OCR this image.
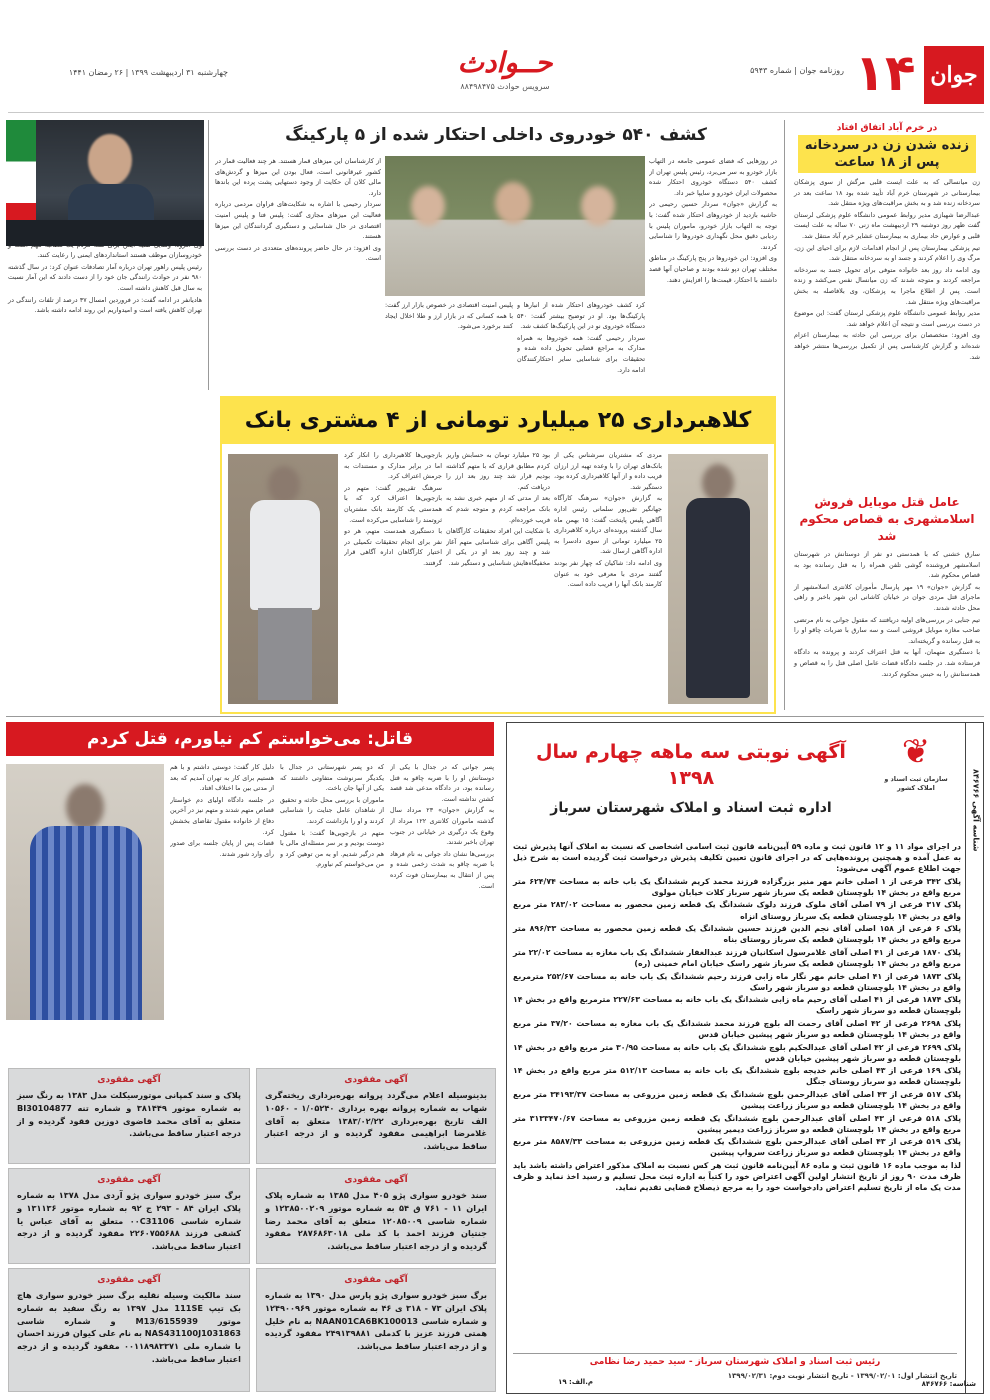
جوان
۱۴
روزنامه جوان | شماره ۵۹۴۳
حــوادث
سرویس حوادث ۸۸۴۹۸۴۷۵
چهارشنبه ۳۱ اردیبهشت ۱۳۹۹ | ۲۶ رمضان ۱۴۴۱
در خرم آباد اتفاق افتاد
زنده شدن زن در سردخانه پس از ۱۸ ساعت

زن میانسالی که به علت ایست قلبی مرگش از سوی پزشکان بیمارستانی در شهرستان خرم آباد تأیید شده بود ۱۸ ساعت بعد در سردخانه زنده شد و به بخش مراقبت‌های ویژه منتقل شد.

عبدالرضا شهبازی مدیر روابط عمومی دانشگاه علوم پزشکی لرستان گفت ظهر روز دوشنبه ۲۹ اردیبهشت ماه زنی ۷۰ ساله به علت ایست قلبی و عوارض حاد بیماری به بیمارستان عشایر خرم آباد منتقل شد.

تیم پزشکی بیمارستان پس از انجام اقدامات لازم برای احیای این زن، مرگ وی را اعلام کردند و جسد او به سردخانه منتقل شد.

وی ادامه داد روز بعد خانواده متوفی برای تحویل جسد به سردخانه مراجعه کردند و متوجه شدند که زن میانسال نفس می‌کشد و زنده است. پس از اطلاع ماجرا به پزشکان، وی بلافاصله به بخش مراقبت‌های ویژه منتقل شد.

مدیر روابط عمومی دانشگاه علوم پزشکی لرستان گفت: این موضوع در دست بررسی است و نتیجه آن اعلام خواهد شد.

وی افزود: متخصصان برای بررسی این حادثه به بیمارستان اعزام شده‌اند و گزارش کارشناسی پس از تکمیل بررسی‌ها منتشر خواهد شد.

عامل قتل موبایل فروش اسلامشهری به قصاص محکوم شد

سارق خشنی که با همدستی دو نفر از دوستانش در شهرستان اسلامشهر فروشنده گوشی تلفن همراه را به قتل رسانده بود به قصاص محکوم شد.

به گزارش «جوان» ۱۹ مهر پارسال مأموران کلانتری اسلامشهر از ماجرای قتل مردی جوان در خیابان کاشانی این شهر باخبر و راهی محل حادثه شدند.

تیم جنایی در بررسی‌های اولیه دریافتند که مقتول جوانی به نام مرتضی صاحب مغازه موبایل فروشی است و سه سارق با ضربات چاقو او را به قتل رسانده و گریخته‌اند.

با دستگیری متهمان، آنها به قتل اعتراف کردند و پرونده به دادگاه فرستاده شد. در جلسه دادگاه قضات عامل اصلی قتل را به قصاص و همدستانش را به حبس محکوم کردند.

کشف ۵۴۰ خودروی داخلی احتکار شده از ۵ پارکینگ

در روزهایی که فضای عمومی جامعه در التهاب بازار خودرو به سر می‌برد، رئیس پلیس تهران از کشف ۵۴۰ دستگاه خودروی احتکار شده محصولات ایران خودرو و سایپا خبر داد.

به گزارش «جوان» سردار حسین رحیمی در حاشیه بازدید از خودروهای احتکار شده گفت: با توجه به التهاب بازار خودرو، ماموران پلیس با ردیابی دقیق محل نگهداری خودروها را شناسایی کردند.

وی افزود: این خودروها در پنج پارکینگ در مناطق مختلف تهران دپو شده بودند و صاحبان آنها قصد داشتند با احتکار، قیمت‌ها را افزایش دهند.

کرد کشف خودروهای احتکار شده از انبارها و پارکینگ‌ها بود. او در توضیح بیشتر گفت: ۵۴۰ دستگاه خودروی نو در این پارکینگ‌ها کشف شد.

سردار رحیمی گفت: همه خودروها به همراه مدارک به مراجع قضایی تحویل داده شده و تحقیقات برای شناسایی سایر احتکارکنندگان ادامه دارد.

پلیس امنیت اقتصادی در خصوص بازار ارز گفت: با همه کسانی که در بازار ارز و طلا اخلال ایجاد کنند برخورد می‌شود.

از کارشناسان این میزهای قمار هستند. هر چند فعالیت قمار در کشور غیرقانونی است، فعال بودن این میزها و گردش‌های مالی کلان آن حکایت از وجود دستهایی پشت پرده این باندها دارد.

سردار رحیمی با اشاره به شکایت‌های فراوان مردمی درباره فعالیت این میزهای مجازی گفت: پلیس فتا و پلیس امنیت اقتصادی در حال شناسایی و دستگیری گردانندگان این میزها هستند.

وی افزود: در حال حاضر پرونده‌های متعددی در دست بررسی است.

خودروسازان موظف هستند استانداردهای ایمنی را رعایت کنند.

رئیس پلیس راهور تهران درباره آمار تصادفات عنوان کرد: در سال گذشته ۹۸۰ نفر در حوادث رانندگی جان خود را از دست دادند که این آمار نسبت به سال قبل کاهش داشته است.

هادیانفر در ادامه گفت: در فروردین امسال ۳۷ درصد از تلفات رانندگی در تهران کاهش یافته است و امیدواریم این روند ادامه داشته باشد.

کلاهبرداری ۲۵ میلیارد تومانی از ۴ مشتری بانک

مردی که مشتریان سرشناس یکی از بانک‌های تهران را با وعده تهیه ارز ارزان فریب داده و از آنها کلاهبرداری کرده بود، دستگیر شد.

به گزارش «جوان» سرهنگ کارآگاه جهانگیر تقی‌پور سلمانی رئیس اداره آگاهی پلیس پایتخت گفت: ۱۵ بهمن ماه سال گذشته پرونده‌ای درباره کلاهبرداری ۲۵ میلیارد تومانی از سوی دادسرا به اداره آگاهی ارسال شد.

وی ادامه داد: شاکیان که چهار نفر بودند گفتند مردی با معرفی خود به عنوان کارمند بانک آنها را فریب داده است.

بود ۲۵ میلیارد تومان به حسابش واریز کردم مطابق قراری که با متهم گذاشته بودیم قرار شد چند روز بعد ارز را دریافت کنم.

بعد از مدتی که از متهم خبری نشد به بانک مراجعه کردم و متوجه شدم که فریب خورده‌ام.

با شکایت این افراد تحقیقات کارآگاهان پلیس آگاهی برای شناسایی متهم آغاز شد و چند روز بعد او در یکی از مخفیگاه‌هایش شناسایی و دستگیر شد.

بازجویی‌ها کلاهبرداری را انکار کرد اما در برابر مدارک و مستندات به جرمش اعتراف کرد.

سرهنگ تقی‌پور گفت: متهم در بازجویی‌ها اعتراف کرد که با همدستی یک کارمند بانک مشتریان ثروتمند را شناسایی می‌کرده است.

با دستگیری همدست متهم، هر دو نفر برای انجام تحقیقات تکمیلی در اختیار کارآگاهان اداره آگاهی قرار گرفتند.

قاتل: می‌خواستم کم نیاورم، قتل کردم

پسر جوانی که در جدال با یکی از دوستانش او را با ضربه چاقو به قتل رسانده بود، در دادگاه مدعی شد قصد کشتن نداشته است.

به گزارش «جوان» ۲۳ مرداد سال گذشته ماموران کلانتری ۱۲۲ مرداد از وقوع یک درگیری در خیابانی در جنوب تهران باخبر شدند.

بررسی‌ها نشان داد جوانی به نام فرهاد با ضربه چاقو به شدت زخمی شده و پس از انتقال به بیمارستان فوت کرده است.

که دو پسر شهرستانی در جدال با یکدیگر سرنوشت متفاوتی داشتند که یکی از آنها جان باخت.

ماموران با بررسی محل حادثه و تحقیق از شاهدان عامل جنایت را شناسایی کردند و او را بازداشت کردند.

متهم در بازجویی‌ها گفت: با مقتول دوست بودیم و بر سر مسئله‌ای مالی با هم درگیر شدیم. او به من توهین کرد و من می‌خواستم کم نیاورم.

دلیل کار گفت: دوستی داشتم و با هم هستیم برای کار به تهران آمدیم که بعد از مدتی بین ما اختلاف افتاد.

در جلسه دادگاه اولیای دم خواستار قصاص متهم شدند و متهم نیز در آخرین دفاع از خانواده مقتول تقاضای بخشش کرد.

قضات پس از پایان جلسه برای صدور رأی وارد شور شدند.

شناسه آگهی ۸۴۶۷۶۶
❦
سازمان ثبت اسناد و املاک کشور
آگهی نوبتی سه ماهه چهارم سال ۱۳۹۸
اداره ثبت اسناد و املاک شهرستان سرباز

در اجرای مواد ۱۱ و ۱۲ قانون ثبت و ماده ۵۹ آیین‌نامه قانون ثبت اسامی اشخاصی که نسبت به املاک آنها پذیرش ثبت به عمل آمده و همچنین پرونده‌هایی که در اجرای قانون تعیین تکلیف پذیرش درخواست ثبت گردیده است به شرح ذیل جهت اطلاع عموم آگهی می‌شود:

پلاک ۳۴۲ فرعی از ۱ اصلی خانم مهر منیر بزرگزاده فرزند محمد کریم ششدانگ یک باب خانه به مساحت ۶۲۴/۷۴ متر مربع واقع در بخش ۱۴ بلوچستان قطعه یک سرباز شهر سرباز کلات خیابان مولوی

پلاک ۳۱۷ فرعی از ۷۹ اصلی آقای ملوک فرزند دلوک ششدانگ یک قطعه زمین محصور به مساحت ۲۸۳/۰۲ متر مربع واقع در بخش ۱۴ بلوچستان قطعه یک سرباز روستای انزاه

پلاک ۶ فرعی از ۱۵۸ اصلی آقای نجم الدین فرزند حسین ششدانگ یک قطعه زمین محصور به مساحت ۸۹۶/۳۳ متر مربع واقع در بخش ۱۴ بلوچستان قطعه یک سرباز روستای بناه

پلاک ۱۸۷۰ فرعی از ۴۱ اصلی آقای غلامرسول اسکانیان فرزند عبدالغفار ششدانگ یک باب مغازه به مساحت ۲۲/۰۲ متر مربع واقع در بخش ۱۴ بلوچستان قطعه یک سرباز شهر راسک خیابان امام خمینی (ره)

پلاک ۱۸۷۳ فرعی از ۴۱ اصلی خانم مهر نگار ماه زابی فرزند رحیم ششدانگ یک باب خانه به مساحت ۲۵۲/۶۷ مترمربع واقع در بخش ۱۴ بلوچستان قطعه دو سرباز شهر راسک

پلاک ۱۸۷۴ فرعی از ۴۱ اصلی آقای رحیم ماه زابی ششدانگ یک باب خانه به مساحت ۲۲۷/۶۳ مترمربع واقع در بخش ۱۴ بلوچستان قطعه دو سرباز شهر راسک

پلاک ۲۶۹۸ فرعی از ۴۲ اصلی آقای رحمت اله بلوچ فرزند محمد ششدانگ یک باب مغازه به مساحت ۳۷/۲۰ متر مربع واقع در بخش ۱۴ بلوچستان قطعه دو سرباز شهر پیشین خیابان قدس

پلاک ۲۶۹۹ فرعی از ۴۲ اصلی آقای عبدالحکیم بلوچ ششدانگ یک باب خانه به مساحت ۳۰/۹۵ متر مربع واقع در بخش ۱۴ بلوچستان قطعه دو سرباز شهر پیشین خیابان قدس

پلاک ۱۶۹ فرعی از ۴۳ اصلی خانم خدیجه بلوچ ششدانگ یک باب خانه به مساحت ۵۱۲/۱۳ متر مربع واقع در بخش ۱۴ بلوچستان قطعه دو سرباز روستای جنگل

پلاک ۵۱۷ فرعی از ۴۳ اصلی آقای عبدالرحمن بلوچ ششدانگ یک قطعه زمین مزروعی به مساحت ۳۴۱۹۳/۳۷ متر مربع واقع در بخش ۱۴ بلوچستان قطعه دو سرباز زراعت پیشین

پلاک ۵۱۸ فرعی از ۴۳ اصلی آقای عبدالرحمن بلوچ ششدانگ یک قطعه زمین مزروعی به مساحت ۳۱۳۳۴۷۰/۶۷ متر مربع واقع در بخش ۱۴ بلوچستان قطعه دو سرباز زراعت دیمیر پیشین

پلاک ۵۱۹ فرعی از ۴۳ اصلی آقای عبدالرحمن بلوچ ششدانگ یک قطعه زمین مزروعی به مساحت ۸۵۸۷/۳۳ متر مربع واقع در بخش ۱۴ بلوچستان قطعه دو سرباز زراعت سرواپ پیشین

لذا به موجب ماده ۱۶ قانون ثبت و ماده ۸۶ آیین‌نامه قانون ثبت هر کس نسبت به املاک مذکور اعتراض داشته باشد باید ظرف مدت ۹۰ روز از تاریخ انتشار اولین آگهی اعتراض خود را کتباً به اداره ثبت محل تسلیم و رسید اخذ نماید و ظرف مدت یک ماه از تاریخ تسلیم اعتراض دادخواست خود را به مرجع ذیصلاح قضایی تقدیم نماید.

رئیس ثبت اسناد و املاک شهرستان سرباز - سید حمید رضا نظامی
تاریخ انتشار اول: ۱۳۹۹/۰۲/۰۱ - تاریخ انتشار نوبت دوم: ۱۳۹۹/۰۲/۳۱
م.الف: ۱۹	شناسه: ۸۴۶۷۶۶
آگهی مفقودی
برگ سبز خودرو سواری پژو پارس مدل ۱۳۹۰ به شماره پلاک ایران ۷۳ - ۳۱۸ ی ۴۶ به شماره موتور ۱۲۴۹۰۰۹۶۹ و شماره شاسی NAAN01CA6BK100013 به نام خلیل همتی فرزند عزیز با کدملی ۲۴۹۱۳۹۸۸۱ مفقود گردیده و از درجه اعتبار ساقط می‌باشد.
آگهی مفقودی
سند خودرو سواری پژو ۴۰۵ مدل ۱۳۸۵ به شماره پلاک ایران ۱۱ - ۷۶۱ ق ۵۴ به شماره موتور ۱۲۳۸۵۰۰۲۰۹ و شماره شاسی ۱۲۰۸۵۰۰۹ متعلق به آقای محمد رضا جنتیان فرزند احمد با کد ملی ۲۸۷۶۸۶۳۰۱۸ مفقود گردیده و از درجه اعتبار ساقط می‌باشد.
آگهی مفقودی
برگ سبز خودرو سواری پژو آردی مدل ۱۳۷۸ به شماره پلاک ایران ۸۴ - ۲۹۳ ج ۹۲ به شماره موتور ۱۳۱۱۳۶ و شماره شاسی ۰۰C31106 متعلق به آقای عباس یا کشفی فرزند ۲۲۶۰۷۵۵۶۸۸ مفقود گردیده و از درجه اعتبار ساقط می‌باشد.
آگهی مفقودی
بدینوسیله اعلام می‌گردد پروانه بهره‌برداری ریخته‌گری شهاب به شماره پروانه بهره برداری ۱/۰۵۲۴۰ - ۱۰۵۶۰ الف تاریخ بهره‌برداری ۱۳۸۳/۰۲/۲۲ متعلق به آقای غلامرضا ابراهیمی مفقود گردیده و از درجه اعتبار ساقط می‌باشد.
آگهی مفقودی
پلاک و سند کمپانی موتورسیکلت مدل ۱۳۸۳ به رنگ سبز به شماره موتور ۳۸۱۴۴۹ و شماره تنه BI30104877 متعلق به آقای محمد قاضوی دوزین فقود گردیده و از درجه اعتبار ساقط می‌باشد.
آگهی مفقودی
سند مالکیت وسیله نقلیه برگ سبز خودرو سواری هاچ بک تیپ 111SE مدل ۱۳۹۷ به رنگ سفید به شماره موتور M13/6155939 و شماره شاسی NAS431100J1031863 به نام علی کیوان فرزند احسان با شماره ملی ۰۰۱۱۸۹۸۳۳۷۱ مفقود گردیده و از درجه اعتبار ساقط می‌باشد.
